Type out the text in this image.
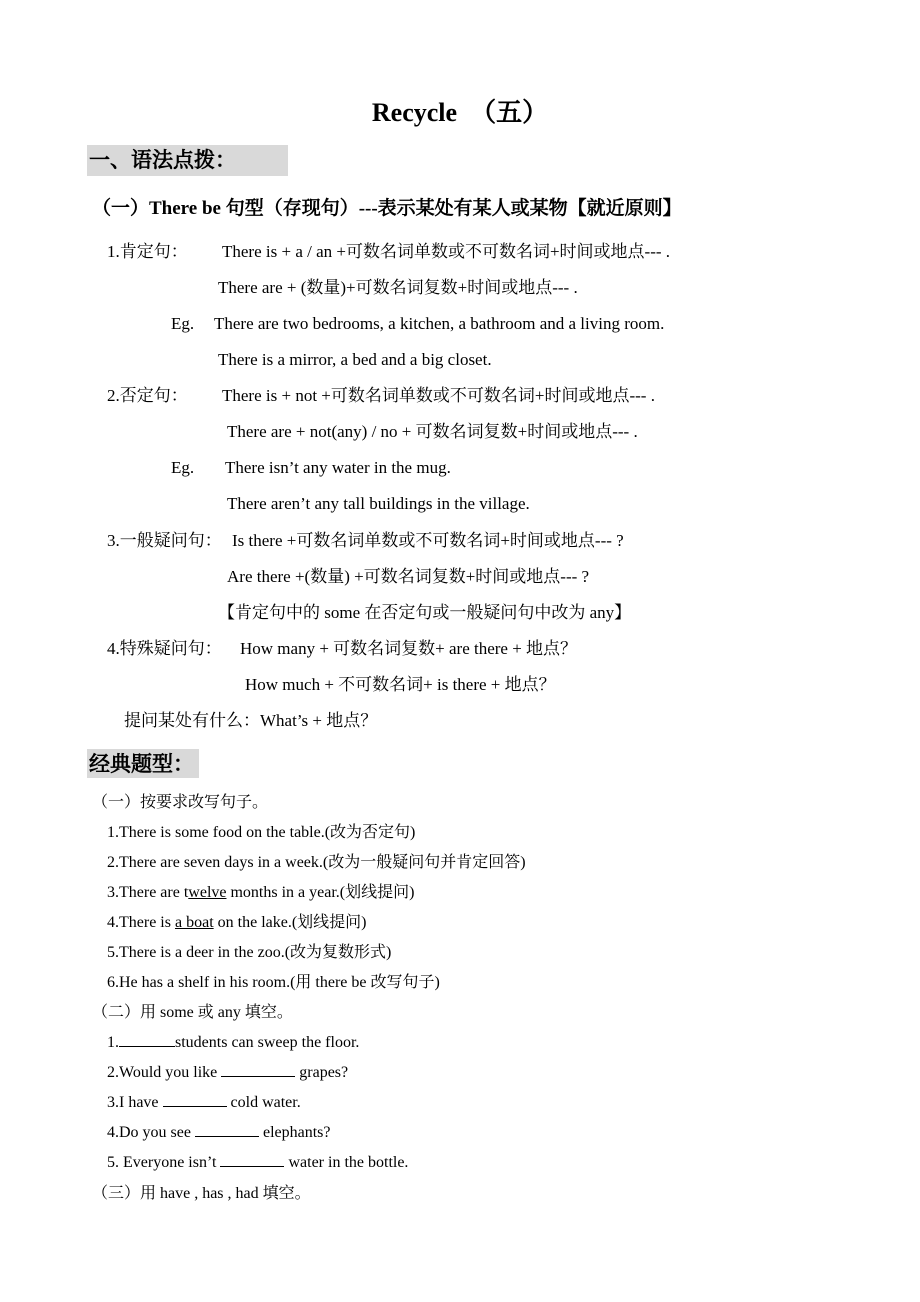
Recycle  （五）
一、语法点拨：
（一）There be 句型（存现句）---表示某处有某人或某物【就近原则】
1.肯定句： There is + a / an +可数名词单数或不可数名词+时间或地点--- .
There are + (数量)+可数名词复数+时间或地点--- .
Eg. There are two bedrooms, a kitchen, a bathroom and a living room.
There is a mirror, a bed and a big closet.
2.否定句： There is + not +可数名词单数或不可数名词+时间或地点--- .
There are + not(any) / no + 可数名词复数+时间或地点--- .
Eg. There isn’t any water in the mug.
There aren’t any tall buildings in the village.
3.一般疑问句： Is there +可数名词单数或不可数名词+时间或地点--- ?
Are there +(数量) +可数名词复数+时间或地点--- ?
【肯定句中的 some 在否定句或一般疑问句中改为 any】
4.特殊疑问句： How many + 可数名词复数+ are there + 地点？
How much + 不可数名词+ is there + 地点？
提问某处有什么：What’s + 地点？
经典题型：
（一）按要求改写句子。
1.There is some food on the table.(改为否定句)
2.There are seven days in a week.(改为一般疑问句并肯定回答)
3.There are twelve months in a year.(划线提问)
4.There is a boat on the lake.(划线提问)
5.There is a deer in the zoo.(改为复数形式)
6.He has a shelf in his room.(用 there be 改写句子)
（二）用 some 或 any 填空。
1.	students can sweep the floor.
2.Would you like	grapes?
3.I have	cold water.
4.Do you see	elephants?
5. Everyone isn’t	water in the bottle.
（三）用 have , has , had 填空。
